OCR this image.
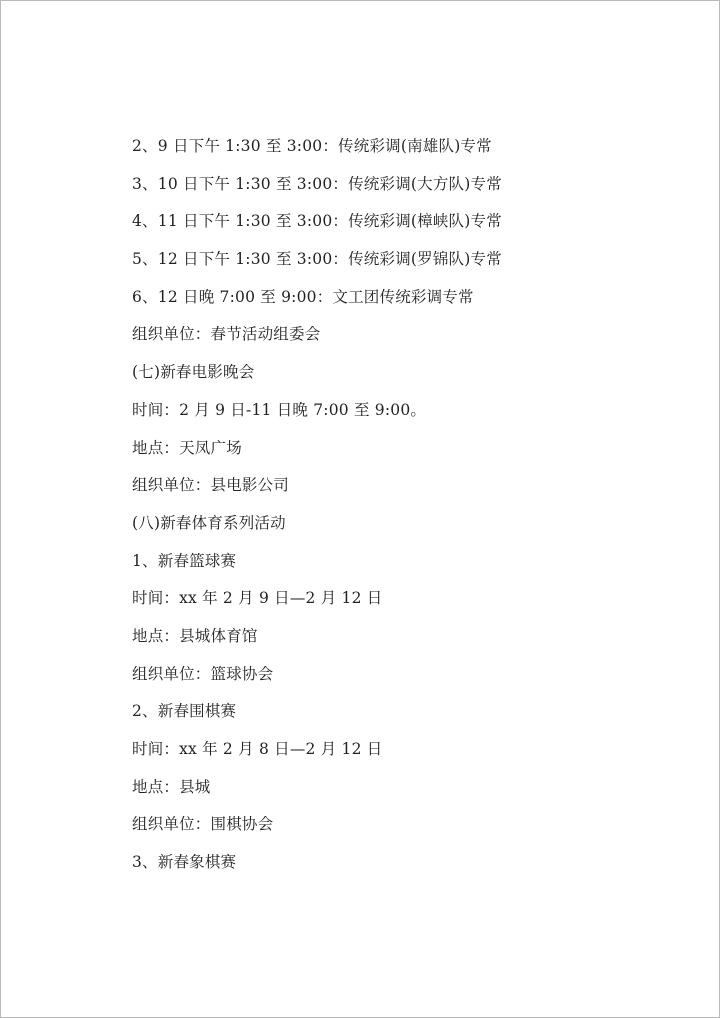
2、9 日下午 1:30 至 3:00：传统彩调(南雄队)专常
3、10 日下午 1:30 至 3:00：传统彩调(大方队)专常
4、11 日下午 1:30 至 3:00：传统彩调(樟峡队)专常
5、12 日下午 1:30 至 3:00：传统彩调(罗锦队)专常
6、12 日晚 7:00 至 9:00：文工团传统彩调专常
组织单位：春节活动组委会
(七)新春电影晚会
时间：2 月 9 日-11 日晚 7:00 至 9:00。
地点：天凤广场
组织单位：县电影公司
(八)新春体育系列活动
1、新春篮球赛
时间：xx 年 2 月 9 日—2 月 12 日
地点：县城体育馆
组织单位：篮球协会
2、新春围棋赛
时间：xx 年 2 月 8 日—2 月 12 日
地点：县城
组织单位：围棋协会
3、新春象棋赛
